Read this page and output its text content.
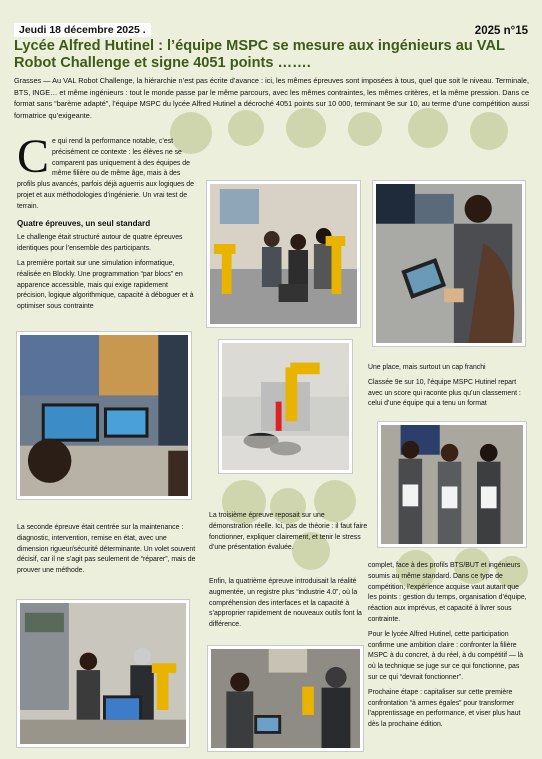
Jeudi 18 décembre 2025 .	2025 n°15
Lycée Alfred Hutinel : l’équipe MSPC se mesure aux ingénieurs au VAL Robot Challenge et signe 4051 points …….
Grasses — Au VAL Robot Challenge, la hiérarchie n’est pas écrite d’avance : ici, les mêmes épreuves sont imposées à tous, quel que soit le niveau. Terminale, BTS, INGE… et même ingénieurs : tout le monde passe par le même parcours, avec les mêmes contraintes, les mêmes critères, et la même pression. Dans ce format sans “barème adapté”, l’équipe MSPC du lycée Alfred Hutinel a décroché 4051 points sur 10 000, terminant 9e sur 10, au terme d’une compétition aussi formatrice qu’exigeante.

Ce qui rend la performance notable, c’est précisément ce contexte : les élèves ne se comparent pas uniquement à des équipes de même filière ou de même âge, mais à des profils plus avancés, parfois déjà aguerris aux logiques de projet et aux méthodologies d’ingénierie. Un vrai test de terrain.

Quatre épreuves, un seul standard

Le challenge était structuré autour de quatre épreuves identiques pour l’ensemble des participants.

La première portait sur une simulation informatique, réalisée en Blockly. Une programmation “par blocs” en apparence accessible, mais qui exige rapidement précision, logique algorithmique, capacité à déboguer et à optimiser sous contrainte

La seconde épreuve était centrée sur la maintenance : diagnostic, intervention, remise en état, avec une dimension rigueur/sécurité déterminante. Un volet souvent décisif, car il ne s’agit pas seulement de “réparer”, mais de prouver une méthode.

La troisième épreuve reposait sur une démonstration réelle. Ici, pas de théorie : il faut faire fonctionner, expliquer clairement, et tenir le stress d’une présentation évaluée.

Enfin, la quatrième épreuve introduisait la réalité augmentée, un registre plus “industrie 4.0”, où la compréhension des interfaces et la capacité à s’approprier rapidement de nouveaux outils font la différence.

Une place, mais surtout un cap franchi

Classée 9e sur 10, l’équipe MSPC Hutinel repart avec un score qui raconte plus qu’un classement : celui d’une équipe qui a tenu un format

complet, face à des profils BTS/BUT et ingénieurs soumis au même standard. Dans ce type de compétition, l’expérience acquise vaut autant que les points : gestion du temps, organisation d’équipe, réaction aux imprévus, et capacité à livrer sous contrainte.

Pour le lycée Alfred Hutinel, cette participation confirme une ambition claire : confronter la filière MSPC à du concret, à du réel, à du compétitif — là où la technique se juge sur ce qui fonctionne, pas sur ce qui “devrait fonctionner”.

Prochaine étape : capitaliser sur cette première confrontation “à armes égales” pour transformer l’apprentissage en performance, et viser plus haut dès la prochaine édition.
